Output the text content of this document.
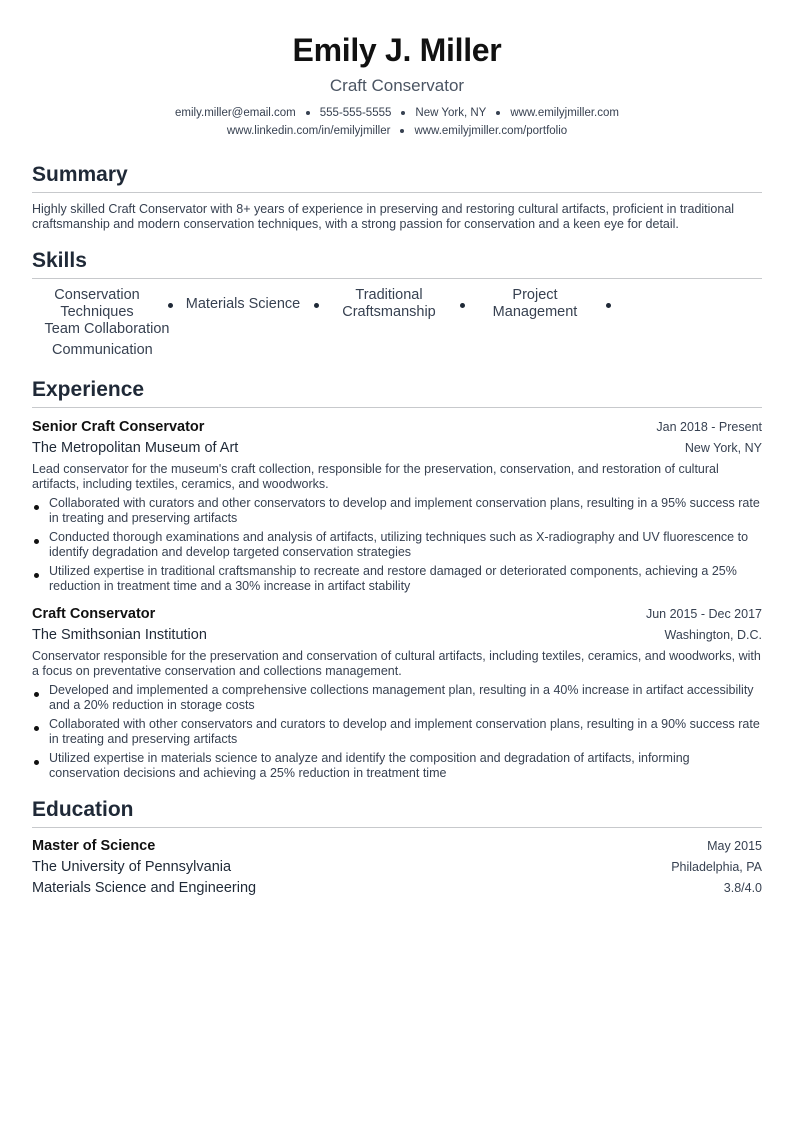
Emily J. Miller
Craft Conservator
emily.miller@email.com 555-555-5555 New York, NY www.emilyjmiller.com
www.linkedin.com/in/emilyjmiller www.emilyjmiller.com/portfolio
Summary
Highly skilled Craft Conservator with 8+ years of experience in preserving and restoring cultural artifacts, proficient in traditional craftsmanship and modern conservation techniques, with a strong passion for conservation and a keen eye for detail.
Skills
Conservation Techniques
Materials Science
Traditional Craftsmanship
Project Management
Team Collaboration
Communication
Experience
Senior Craft Conservator	Jan 2018 - Present
The Metropolitan Museum of Art	New York, NY
Lead conservator for the museum's craft collection, responsible for the preservation, conservation, and restoration of cultural artifacts, including textiles, ceramics, and woodworks.
Collaborated with curators and other conservators to develop and implement conservation plans, resulting in a 95% success rate in treating and preserving artifacts
Conducted thorough examinations and analysis of artifacts, utilizing techniques such as X-radiography and UV fluorescence to identify degradation and develop targeted conservation strategies
Utilized expertise in traditional craftsmanship to recreate and restore damaged or deteriorated components, achieving a 25% reduction in treatment time and a 30% increase in artifact stability
Craft Conservator	Jun 2015 - Dec 2017
The Smithsonian Institution	Washington, D.C.
Conservator responsible for the preservation and conservation of cultural artifacts, including textiles, ceramics, and woodworks, with a focus on preventative conservation and collections management.
Developed and implemented a comprehensive collections management plan, resulting in a 40% increase in artifact accessibility and a 20% reduction in storage costs
Collaborated with other conservators and curators to develop and implement conservation plans, resulting in a 90% success rate in treating and preserving artifacts
Utilized expertise in materials science to analyze and identify the composition and degradation of artifacts, informing conservation decisions and achieving a 25% reduction in treatment time
Education
Master of Science	May 2015
The University of Pennsylvania	Philadelphia, PA
Materials Science and Engineering	3.8/4.0
